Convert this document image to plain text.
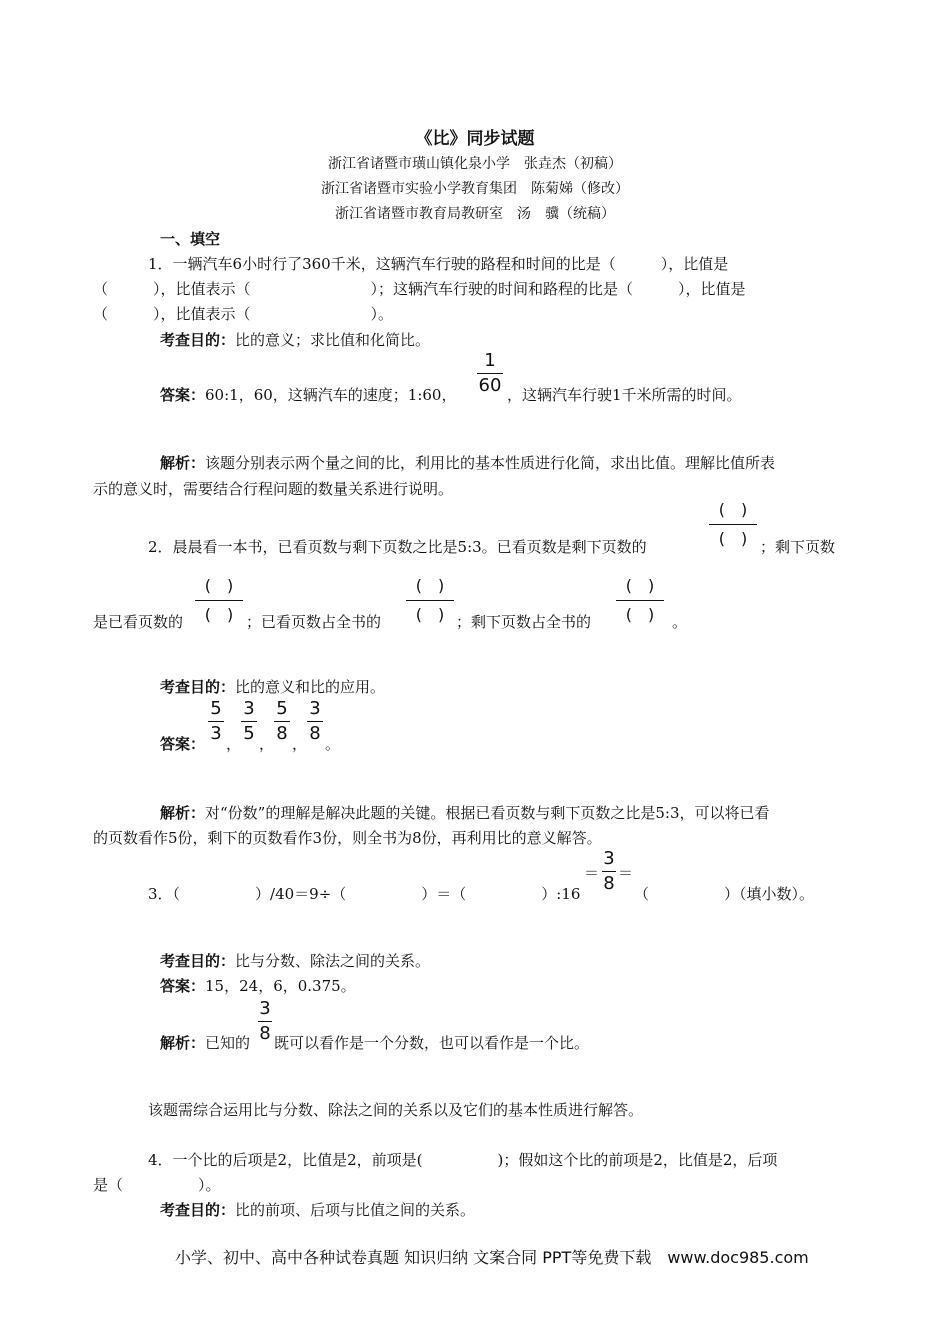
《比》同步试题
浙江省诸暨市璜山镇化泉小学　张垚杰（初稿）
浙江省诸暨市实验小学教育集团　陈菊娣（修改）
浙江省诸暨市教育局教研室　汤　骥（统稿）
一、填空
1．一辆汽车6小时行了360千米，这辆汽车行驶的路程和时间的比是（　　　），比值是
（　　　），比值表示（　　　　　　　　）；这辆汽车行驶的时间和路程的比是（　　　），比值是
（　　　），比值表示（　　　　　　　　）。
考查目的：比的意义；求比值和化简比。
答案：60:1，60，这辆汽车的速度；1:60，
1
60 ，这辆汽车行驶1千米所需的时间。
解析：该题分别表示两个量之间的比，利用比的基本性质进行化简，求出比值。理解比值所表
示的意义时，需要结合行程问题的数量关系进行说明。
2．晨晨看一本书，已看页数与剩下页数之比是5:3。已看页数是剩下页数的
(　)
(　) ；剩下页数
是已看页数的
(　)
(　) ；已看页数占全书的
(　)
(　) ；剩下页数占全书的
(　)
(　)	。
考查目的：比的意义和比的应用。
答案：
5
3 ，
3
5 ，
5
8 ，
3
8 。
解析：对“份数”的理解是解决此题的关键。根据已看页数与剩下页数之比是5:3，可以将已看
的页数看作5份，剩下的页数看作3份，则全书为8份，再利用比的意义解答。
3．（　　　　　）/40＝9÷（　　　　　）＝（　　　　　）:16
＝
3
8 ＝
（　　　　　）（填小数）。
考查目的：比与分数、除法之间的关系。
答案：15，24，6，0.375。
解析：已知的
3
8 既可以看作是一个分数，也可以看作是一个比。
该题需综合运用比与分数、除法之间的关系以及它们的基本性质进行解答。
4．一个比的后项是2，比值是2，前项是(　　　　　)；假如这个比的前项是2，比值是2，后项
是（　　　　　）。
考查目的：比的前项、后项与比值之间的关系。
小学、初中、高中各种试卷真题 知识归纳 文案合同 PPT等免费下载　www.doc985.com
